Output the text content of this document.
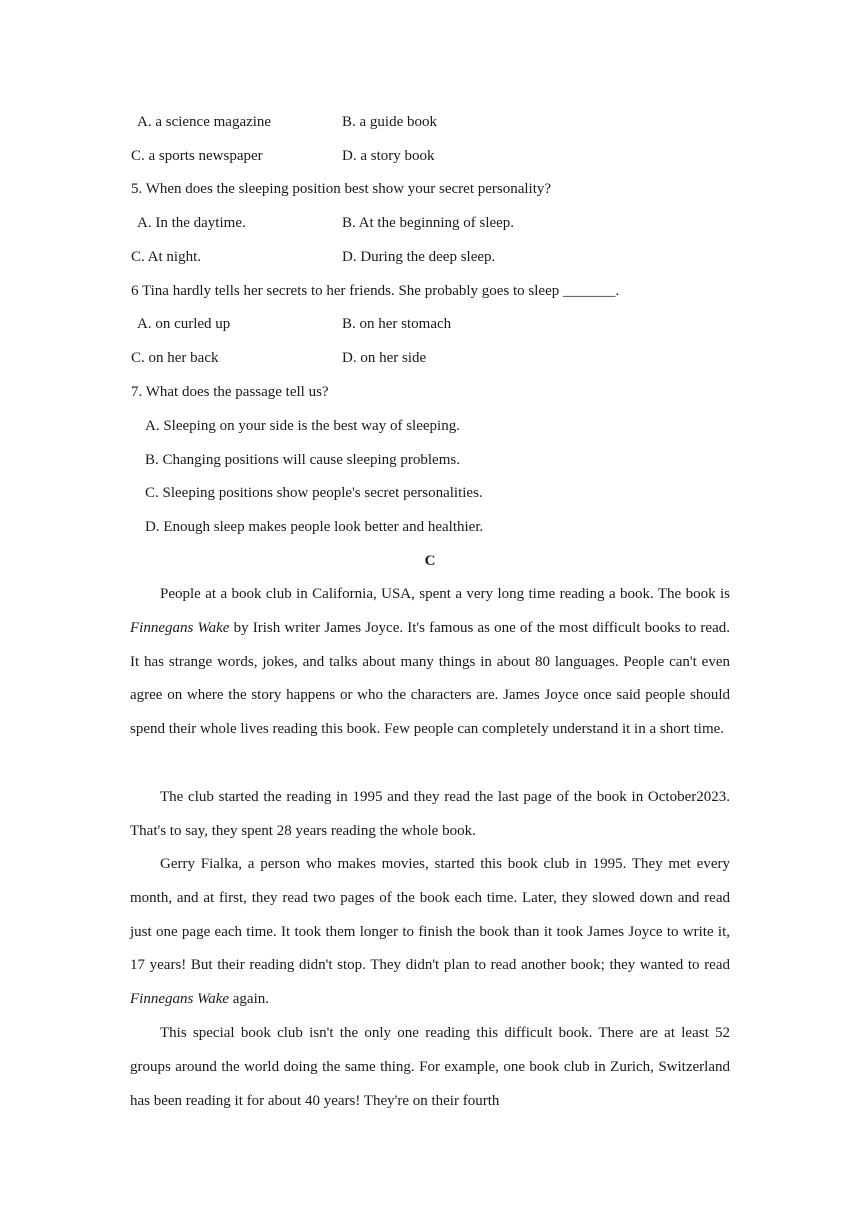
A. a science magazine	B. a guide book
C. a sports newspaper	D. a story book
5. When does the sleeping position best show your secret personality?
A. In the daytime.	B. At the beginning of sleep.
C. At night.	D. During the deep sleep.
6 Tina hardly tells her secrets to her friends. She probably goes to sleep _______.
A. on curled up	B. on her stomach
C. on her back	D. on her side
7. What does the passage tell us?
A. Sleeping on your side is the best way of sleeping.
B. Changing positions will cause sleeping problems.
C. Sleeping positions show people's secret personalities.
D. Enough sleep makes people look better and healthier.
C
People at a book club in California, USA, spent a very long time reading a book. The book is Finnegans Wake by Irish writer James Joyce. It's famous as one of the most difficult books to read. It has strange words, jokes, and talks about many things in about 80 languages. People can't even agree on where the story happens or who the characters are. James Joyce once said people should spend their whole lives reading this book. Few people can completely understand it in a short time.
The club started the reading in 1995 and they read the last page of the book in October2023. That's to say, they spent 28 years reading the whole book.
Gerry Fialka, a person who makes movies, started this book club in 1995. They met every month, and at first, they read two pages of the book each time. Later, they slowed down and read just one page each time. It took them longer to finish the book than it took James Joyce to write it, 17 years! But their reading didn't stop. They didn't plan to read another book; they wanted to read Finnegans Wake again.
This special book club isn't the only one reading this difficult book. There are at least 52 groups around the world doing the same thing. For example, one book club in Zurich, Switzerland has been reading it for about 40 years! They're on their fourth
